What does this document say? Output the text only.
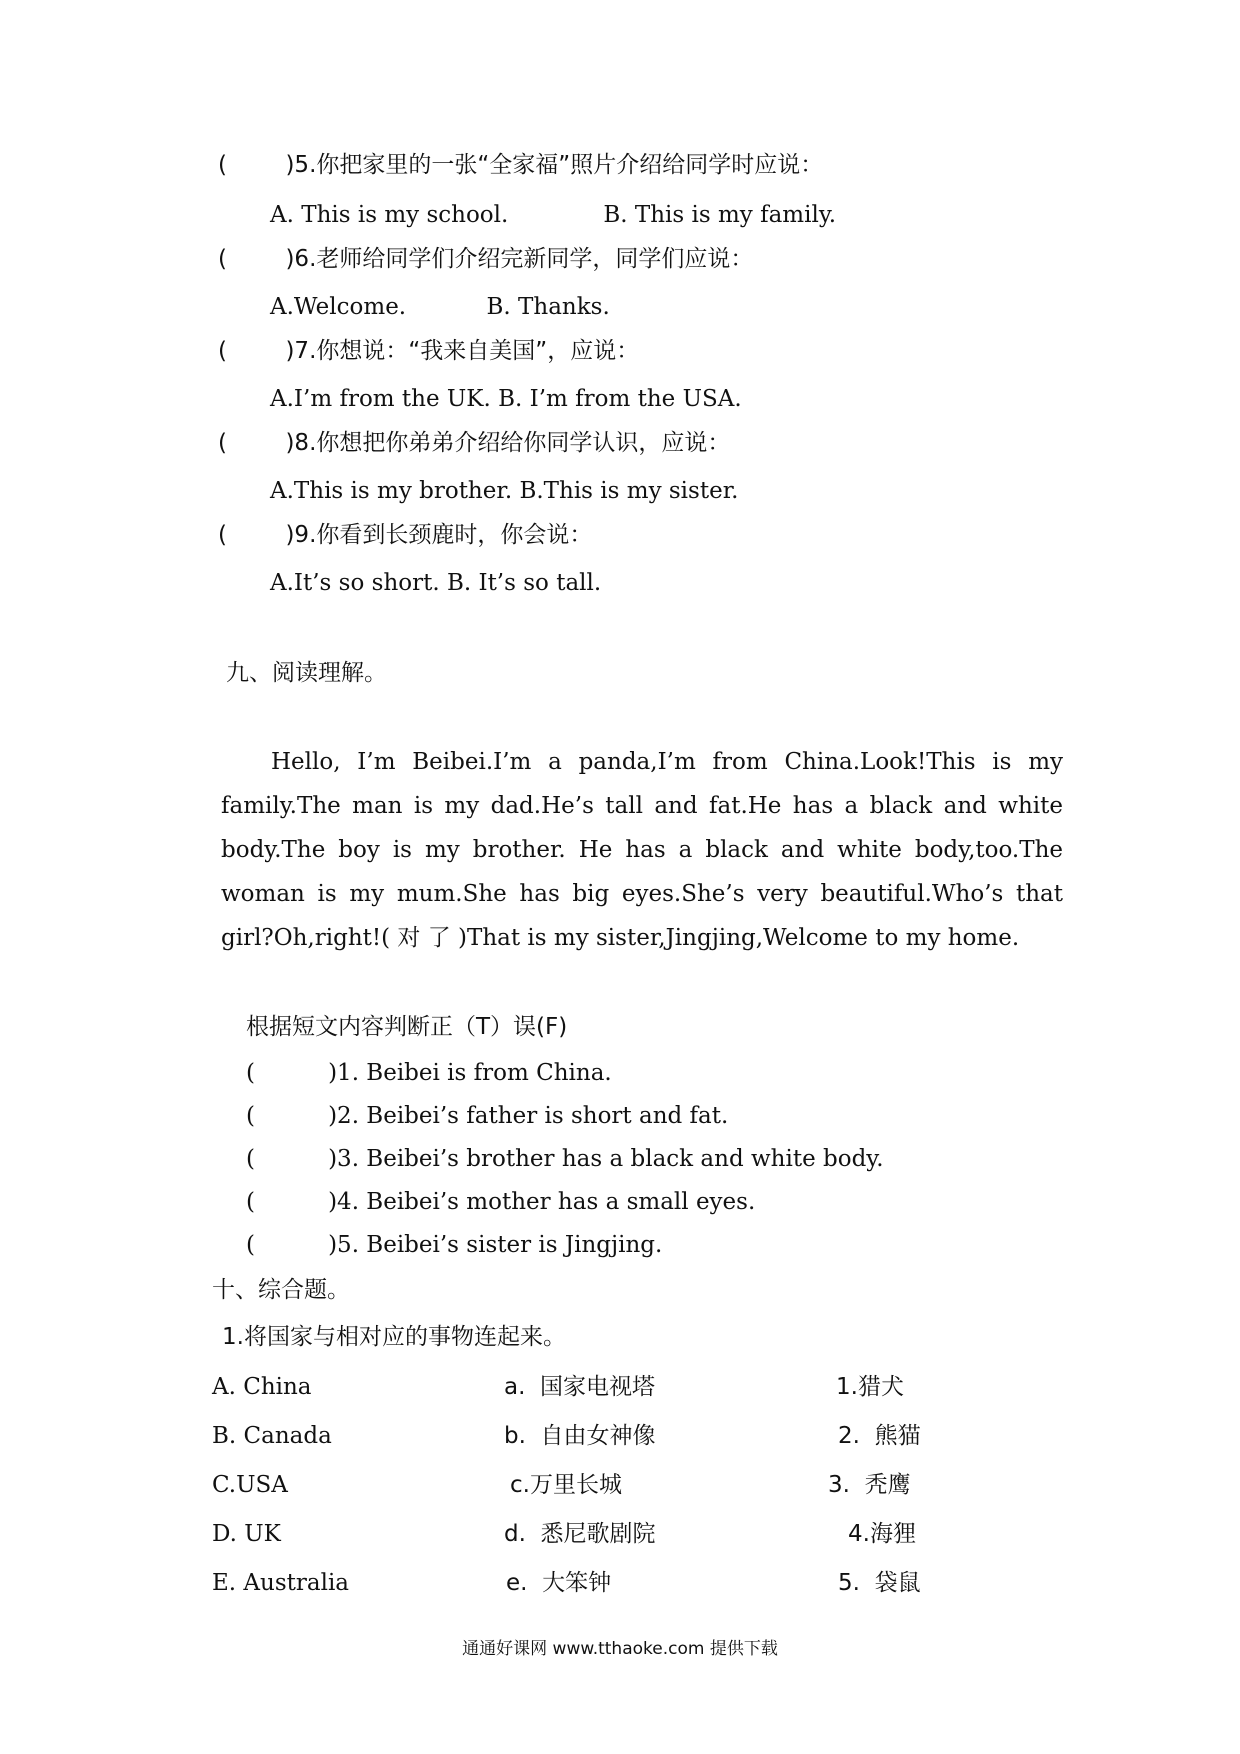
(        )5.你把家里的一张“全家福”照片介绍给同学时应说：
A. This is my school.             B. This is my family.
(        )6.老师给同学们介绍完新同学，同学们应说：
A.Welcome.           B. Thanks.
(        )7.你想说：“我来自美国”，应说：
A.I’m from the UK. B. I’m from the USA.
(        )8.你想把你弟弟介绍给你同学认识，应说：
A.This is my brother. B.This is my sister.
(        )9.你看到长颈鹿时，你会说：
A.It’s so short. B. It’s so tall.
九、阅读理解。
Hello, I’m Beibei.I’m a panda,I’m from China.Look!This is my family.The man is my dad.He’s tall and fat.He has a black and white body.The boy is my brother. He has a black and white body,too.The woman is my mum.She has big eyes.She’s very beautiful.Who’s that girl?Oh,right!( 对 了 )That is my sister,Jingjing,Welcome to my home.
根据短文内容判断正（T）误(F)
(          )1. Beibei is from China.
(          )2. Beibei’s father is short and fat.
(          )3. Beibei’s brother has a black and white body.
(          )4. Beibei’s mother has a small eyes.
(          )5. Beibei’s sister is Jingjing.
十、综合题。
1.将国家与相对应的事物连起来。
A. China
B. Canada
C.USA
D. UK
E. Australia
a.  国家电视塔
b.  自由女神像
c.万里长城
d.  悉尼歌剧院
e.  大笨钟
1.猎犬
2.  熊猫
3.  秃鹰
4.海狸
5.  袋鼠
通通好课网 www.tthaoke.com 提供下载
